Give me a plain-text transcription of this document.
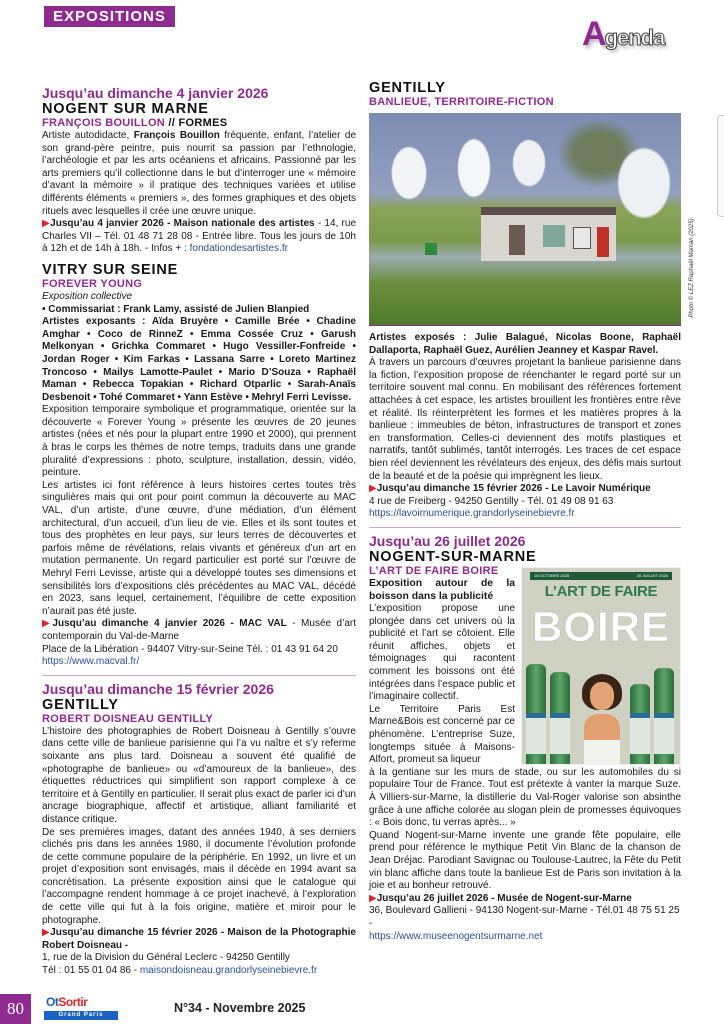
EXPOSITIONS	Agenda
Jusqu’au dimanche 4 janvier 2026
NOGENT SUR MARNE
FRANÇOIS BOUILLON // FORMES

Artiste autodidacte, François Bouillon fréquente, enfant, l’atelier de son grand-père peintre, puis nourrit sa passion par l’ethnologie, l’archéologie et par les arts océaniens et africains. Passionné par les arts premiers qu’il collectionne dans le but d’interroger une « mémoire d’avant la mémoire » il pratique des techniques variées et utilise différents éléments « premiers », des formes graphiques et des objets rituels avec lesquelles il crée une œuvre unique.

▶Jusqu’au 4 janvier 2026 - Maison nationale des artistes - 14, rue Charles VII – Tél. 01 48 71 28 08 - Entrée libre. Tous les jours de 10h à 12h et de 14h à 18h. - Infos + : fondationdesartistes.fr

VITRY SUR SEINE
FOREVER YOUNG
Exposition collective

• Commissariat : Frank Lamy, assisté de Julien Blanpied

Artistes exposants : Aïda Bruyère • Camille Brée • Chadine Amghar • Coco de RinneZ • Emma Cossée Cruz • Garush Melkonyan • Grichka Commaret • Hugo Vessiller-Fonfreide • Jordan Roger • Kim Farkas • Lassana Sarre • Loreto Martinez Troncoso • Mailys Lamotte-Paulet • Mario D’Souza • Raphaël Maman • Rebecca Topakian • Richard Otparlic • Sarah-Anaïs Desbenoit • Tohé Commaret • Yann Estève • Mehryl Ferri Levisse.

Exposition temporaire symbolique et programmatique, orientée sur la découverte « Forever Young » présente les œuvres de 20 jeunes artistes (nées et nés pour la plupart entre 1990 et 2000), qui prennent à bras le corps les thèmes de notre temps, traduits dans une grande pluralité d’expressions : photo, sculpture, installation, dessin, vidéo, peinture.

Les artistes ici font référence à leurs histoires certes toutes très singulières mais qui ont pour point commun la découverte au MAC VAL, d’un artiste, d’une œuvre, d’une médiation, d’un élément architectural, d’un accueil, d’un lieu de vie. Elles et ils sont toutes et tous des prophètes en leur pays, sur leurs terres de découvertes et parfois même de révélations, relais vivants et généreux d’un art en mutation permanente. Un regard particulier est porté sur l’œuvre de Mehryl Ferri Levisse, artiste qui a développé toutes ses dimensions et sensibilités lors d’expositions clés précédentes au MAC VAL, décédé en 2023, sans lequel, certainement, l’équilibre de cette exposition n’aurait pas été juste.

▶Jusqu’au dimanche 4 janvier 2026 - MAC VAL - Musée d’art contemporain du Val-de-Marne

Place de la Libération - 94407 Vitry-sur-Seine Tél. : 01 43 91 64 20
https://www.macval.fr/
Jusqu’au dimanche 15 février 2026
GENTILLY
ROBERT DOISNEAU GENTILLY

L’histoire des photographies de Robert Doisneau à Gentilly s’ouvre dans cette ville de banlieue parisienne qui l’a vu naître et s’y referme soixante ans plus tard. Doisneau a souvent été qualifié de «photographe de banlieue» ou «d’amoureux de la banlieue», des étiquettes réductrices qui simplifient son rapport complexe à ce territoire et à Gentilly en particulier. Il serait plus exact de parler ici d’un ancrage biographique, affectif et artistique, alliant familiarité et distance critique.

De ses premières images, datant des années 1940, à ses derniers clichés pris dans les années 1980, il documente l’évolution profonde de cette commune populaire de la périphérie. En 1992, un livre et un projet d’exposition sont envisagés, mais il décède en 1994 avant sa concrétisation. La présente exposition ainsi que le catalogue qui l’accompagne rendent hommage à ce projet inachevé, à l’exploration de cette ville qui fut à la fois origine, matière et miroir pour le photographe.

▶Jusqu’au dimanche 15 février 2026 - Maison de la Photographie Robert Doisneau -

1, rue de la Division du Général Leclerc - 94250 Gentilly
Tél : 01 55 01 04 86 - maisondoisneau.grandorlyseinebievre.fr
GENTILLY
BANLIEUE, TERRITOIRE-FICTION

Artistes exposés : Julie Balagué, Nicolas Boone, Raphaël Dallaporta, Raphaël Guez, Aurélien Jeanney et Kaspar Ravel.

À travers un parcours d’œuvres projetant la banlieue parisienne dans la fiction, l’exposition propose de réenchanter le regard porté sur un territoire souvent mal connu. En mobilisant des références fortement attachées à cet espace, les artistes brouillent les frontières entre rêve et réalité. Ils réinterprètent les formes et les matières propres à la banlieue : immeubles de béton, infrastructures de transport et zones en transformation. Celles-ci deviennent des motifs plastiques et narratifs, tantôt sublimés, tantôt interrogés. Les traces de cet espace bien réel deviennent les révélateurs des enjeux, des défis mais surtout de la beauté et de la poésie qui imprègnent les lieux.

▶Jusqu’au dimanche 15 février 2026 - Le Lavoir Numérique

4 rue de Freiberg - 94250 Gentilly - Tél. 01 49 08 91 63
https://lavoirnumerique.grandorlyseinebievre.fr
Jusqu’au 26 juillet 2026
NOGENT-SUR-MARNE
L’ART DE FAIRE BOIRE

Exposition autour de la boisson dans la publicité

L’exposition propose une plongée dans cet univers où la publicité et l’art se côtoient. Elle réunit affiches, objets et témoignages qui racontent comment les boissons ont été intégrées dans l’espace public et l’imaginaire collectif.

Le Territoire Paris Est Marne&Bois est concerné par ce phénomène. L’entreprise Suze, longtemps située à Maisons-Alfort, promeut sa liqueur

18 OCTOBRE 2025	26 JUILLET 2026
L’ART DE FAIRE
BOIRE

à la gentiane sur les murs de stade, ou sur les automobiles du si populaire Tour de France. Tout est prétexte à vanter la marque Suze. À Villiers-sur-Marne, la distillerie du Val-Roger valorise son absinthe grâce à une affiche colorée au slogan plein de promesses équivoques : « Bois donc, tu verras après... »

Quand Nogent-sur-Marne invente une grande fête populaire, elle prend pour référence le mythique Petit Vin Blanc de la chanson de Jean Dréjac. Parodiant Savignac ou Toulouse-Lautrec, la Fête du Petit vin blanc affiche dans toute la banlieue Est de Paris son invitation à la joie et au bonheur retrouvé.

▶Jusqu’au 26 juillet 2026 - Musée de Nogent-sur-Marne

36, Boulevard Gallieni - 94130 Nogent-sur-Marne - Tél.01 48 75 51 25 -
https://www.museenogentsurmarne.net
Photo © LEZ Raphaël Maman (2025)
80	OtSortir
Grand Paris	N°34 - Novembre 2025
